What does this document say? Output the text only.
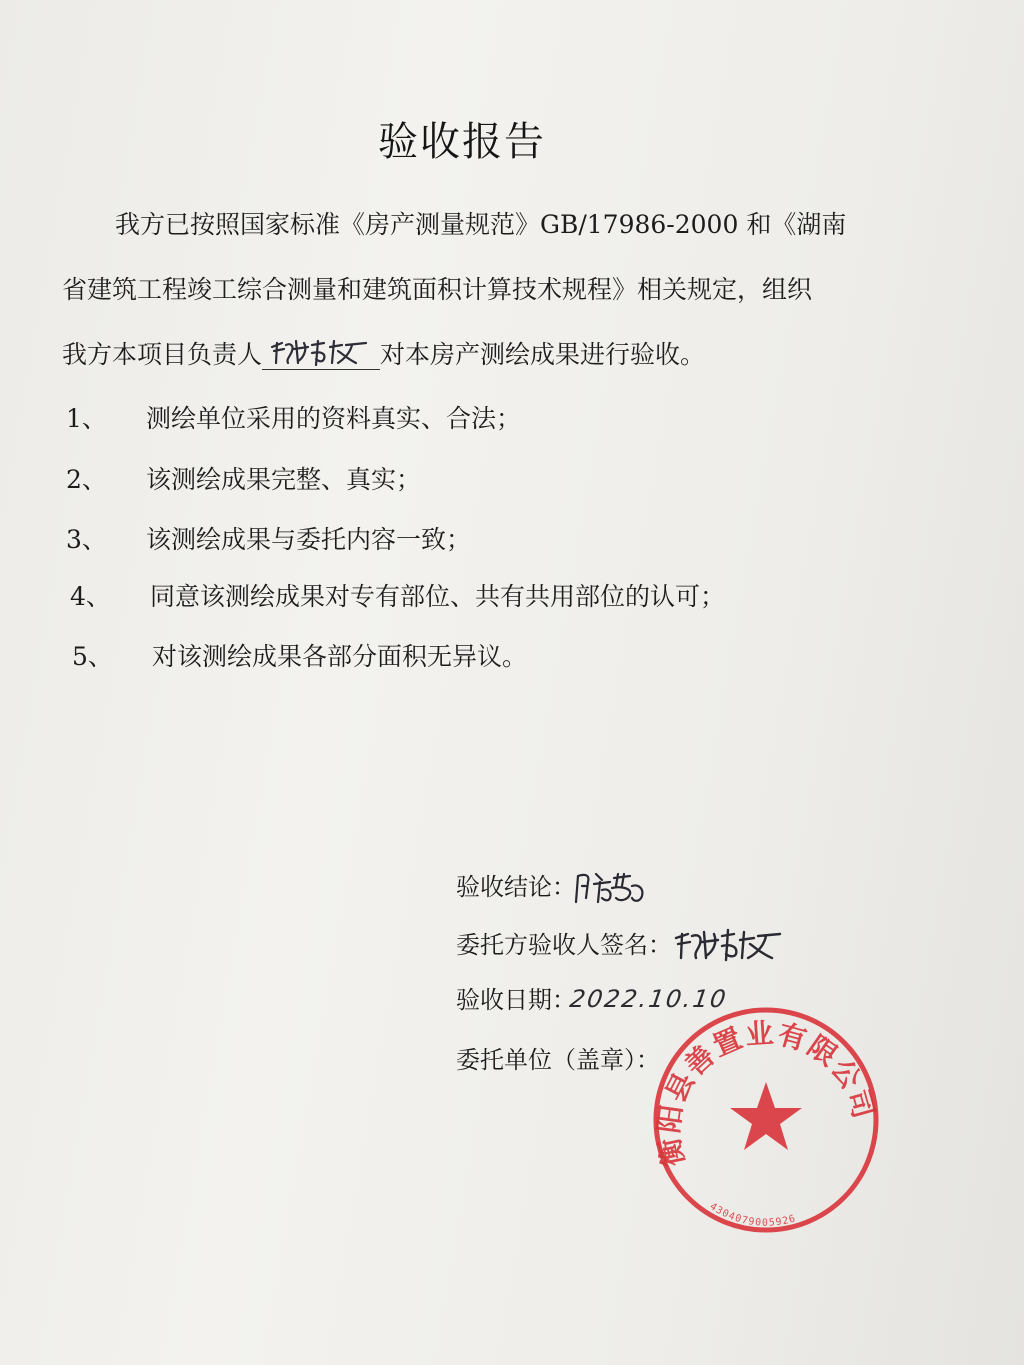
验收报告
我方已按照国家标准《房产测量规范》GB/17986-2000 和《湖南
省建筑工程竣工综合测量和建筑面积计算技术规程》相关规定，组织
我方本项目负责人	对本房产测绘成果进行验收。
1、 测绘单位采用的资料真实、合法；
2、 该测绘成果完整、真实；
3、 该测绘成果与委托内容一致；
4、 同意该测绘成果对专有部位、共有共用部位的认可；
5、 对该测绘成果各部分面积无异议。
验收结论：
委托方验收人签名：
验收日期：
2022.10.10
委托单位（盖章）：
衡阳县善置业有限公司
4304079005926
